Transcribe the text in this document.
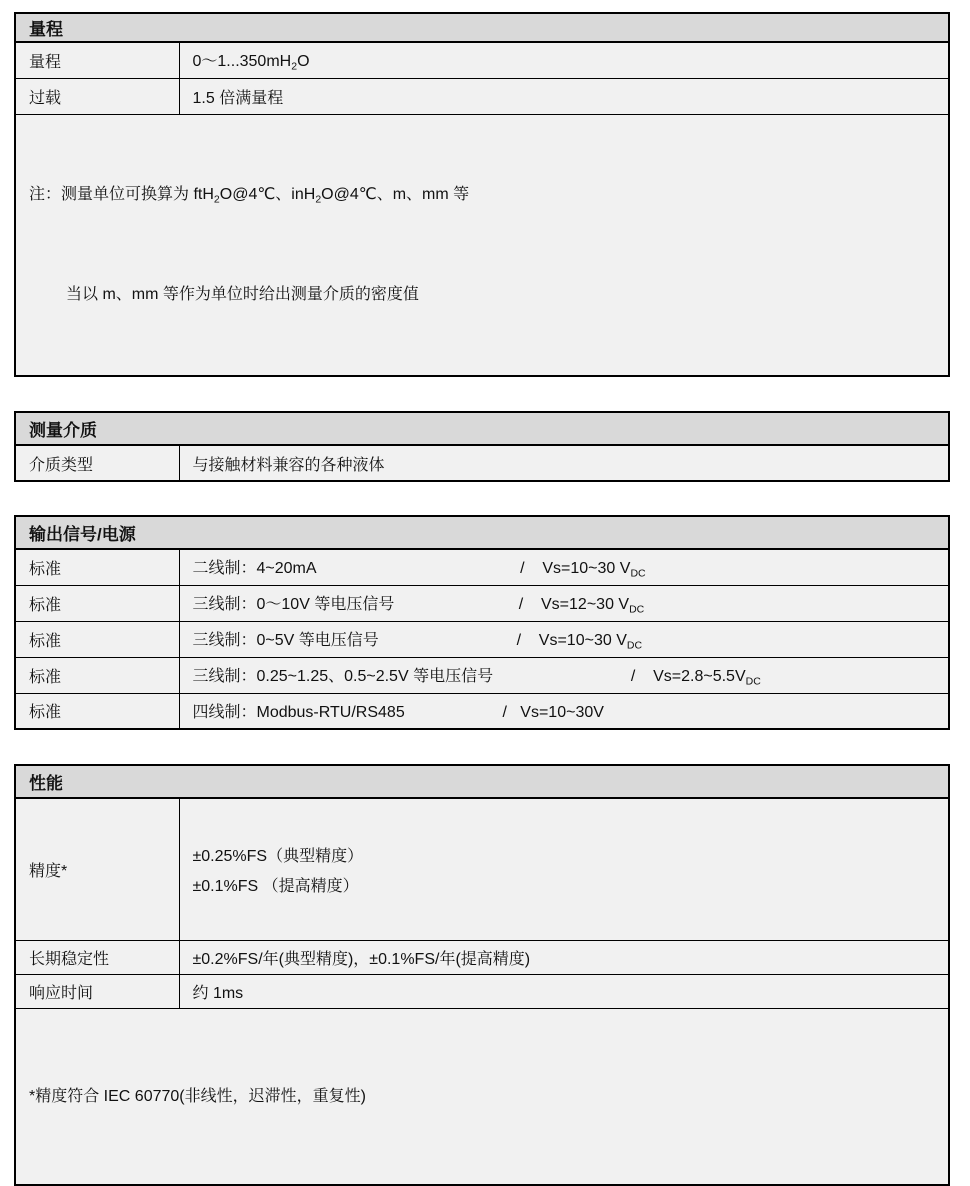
量程	
量程	$0\sim 1...350mH_2O$
过载	1.5 倍满量程

注：测量单位可换算为 ftH$_2$O@4℃、inH$_2$O@4℃、m、mm 等

当以 m、mm 等作为单位时给出测量介质的密度值	

测量介质
介质类型	与接触材料兼容的各种液体
输出信号/电源	
标准	二线制：4~20mA                                              /    Vs=10~30 $V_{DC}$
标准	三线制：0～10V 等电压信号                            /    Vs=12~30 $V_{DC}$
标准	三线制：0~5V 等电压信号                               /    Vs=10~30 $V_{DC}$
标准	三线制：0.25~1.25、0.5~2.5V 等电压信号                               /    $Vs=2.8\sim 5.5V_{DC}$
标准	四线制：Modbus-RTU/RS485                      /   Vs=10~30V
性能	
精度*	±0.25%FS（典型精度）
±0.1%FS （提高精度）

长期稳定性	±0.2%FS/年(典型精度)，±0.1%FS/年(提高精度)
响应时间	约 1ms

*精度符合 IEC 60770(非线性，迟滞性，重复性)	
